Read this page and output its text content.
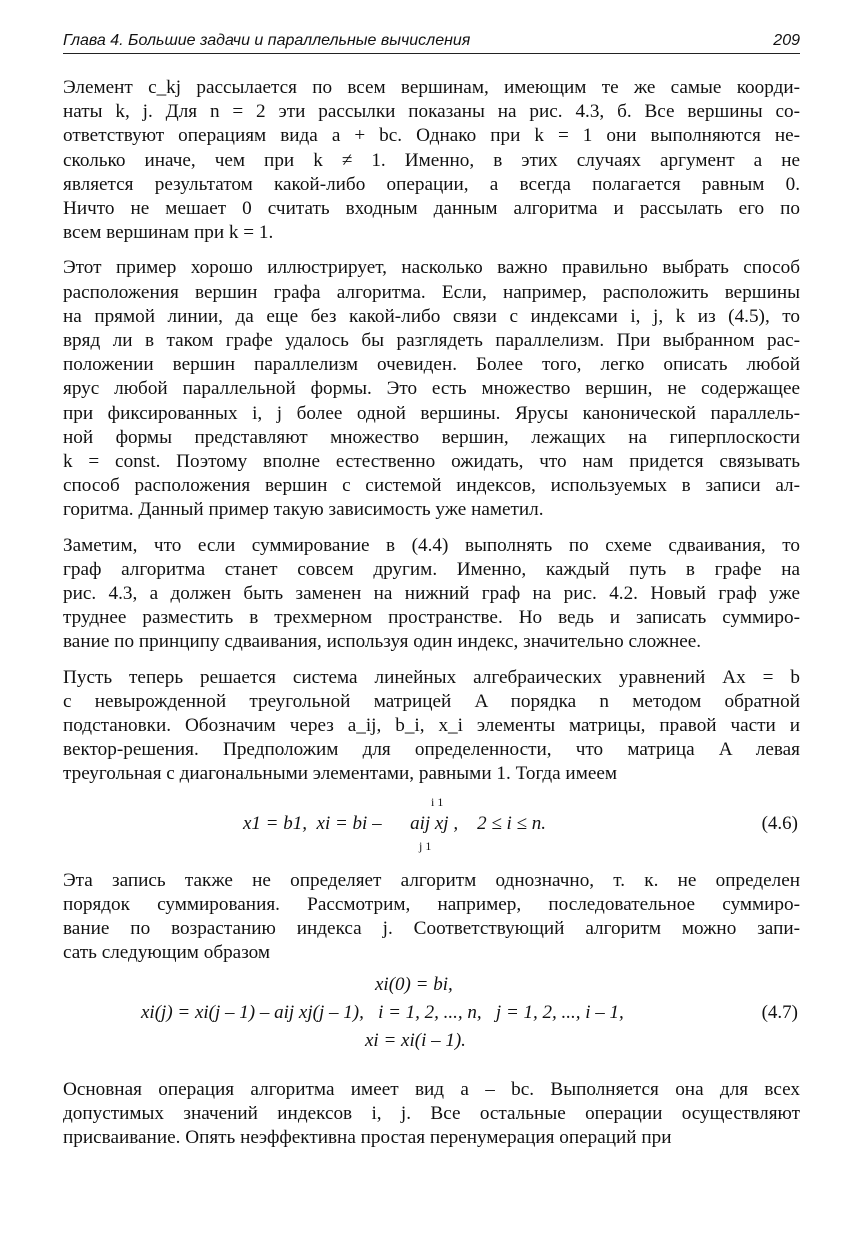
Глава 4. Большие задачи и параллельные вычисления	209
Элемент c_kj рассылается по всем вершинам, имеющим те же самые коорди-
наты k, j. Для n = 2 эти рассылки показаны на рис. 4.3, б. Все вершины со-
ответствуют операциям вида a + bc. Однако при k = 1 они выполняются не-
сколько иначе, чем при k ≠ 1. Именно, в этих случаях аргумент a не
является результатом какой-либо операции, а всегда полагается равным 0.
Ничто не мешает 0 считать входным данным алгоритма и рассылать его по
всем вершинам при k = 1.
Этот пример хорошо иллюстрирует, насколько важно правильно выбрать способ
расположения вершин графа алгоритма. Если, например, расположить вершины
на прямой линии, да еще без какой-либо связи с индексами i, j, k из (4.5), то
вряд ли в таком графе удалось бы разглядеть параллелизм. При выбранном рас-
положении вершин параллелизм очевиден. Более того, легко описать любой
ярус любой параллельной формы. Это есть множество вершин, не содержащее
при фиксированных i, j более одной вершины. Ярусы канонической параллель-
ной формы представляют множество вершин, лежащих на гиперплоскости
k = const. Поэтому вполне естественно ожидать, что нам придется связывать
способ расположения вершин с системой индексов, используемых в записи ал-
горитма. Данный пример такую зависимость уже наметил.
Заметим, что если суммирование в (4.4) выполнять по схеме сдваивания, то
граф алгоритма станет совсем другим. Именно, каждый путь в графе на
рис. 4.3, а должен быть заменен на нижний граф на рис. 4.2. Новый граф уже
труднее разместить в трехмерном пространстве. Но ведь и записать суммиро-
вание по принципу сдваивания, используя один индекс, значительно сложнее.
Пусть теперь решается система линейных алгебраических уравнений Ax = b
с невырожденной треугольной матрицей A порядка n методом обратной
подстановки. Обозначим через a_ij, b_i, x_i элементы матрицы, правой части и
вектор-решения. Предположим для определенности, что матрица A левая
треугольная с диагональными элементами, равными 1. Тогда имеем
i 1
x1 = b1,  xi = bi –      aij xj ,    2 ≤ i ≤ n.
j 1
(4.6)
Эта запись также не определяет алгоритм однозначно, т. к. не определен
порядок суммирования. Рассмотрим, например, последовательное суммиро-
вание по возрастанию индекса j. Соответствующий алгоритм можно запи-
сать следующим образом
xi(0) = bi,
xi(j) = xi(j – 1) – aij xj(j – 1),   i = 1, 2, ..., n,   j = 1, 2, ..., i – 1,	(4.7)
xi = xi(i – 1).
Основная операция алгоритма имеет вид a – bc. Выполняется она для всех
допустимых значений индексов i, j. Все остальные операции осуществляют
присваивание. Опять неэффективна простая перенумерация операций при
